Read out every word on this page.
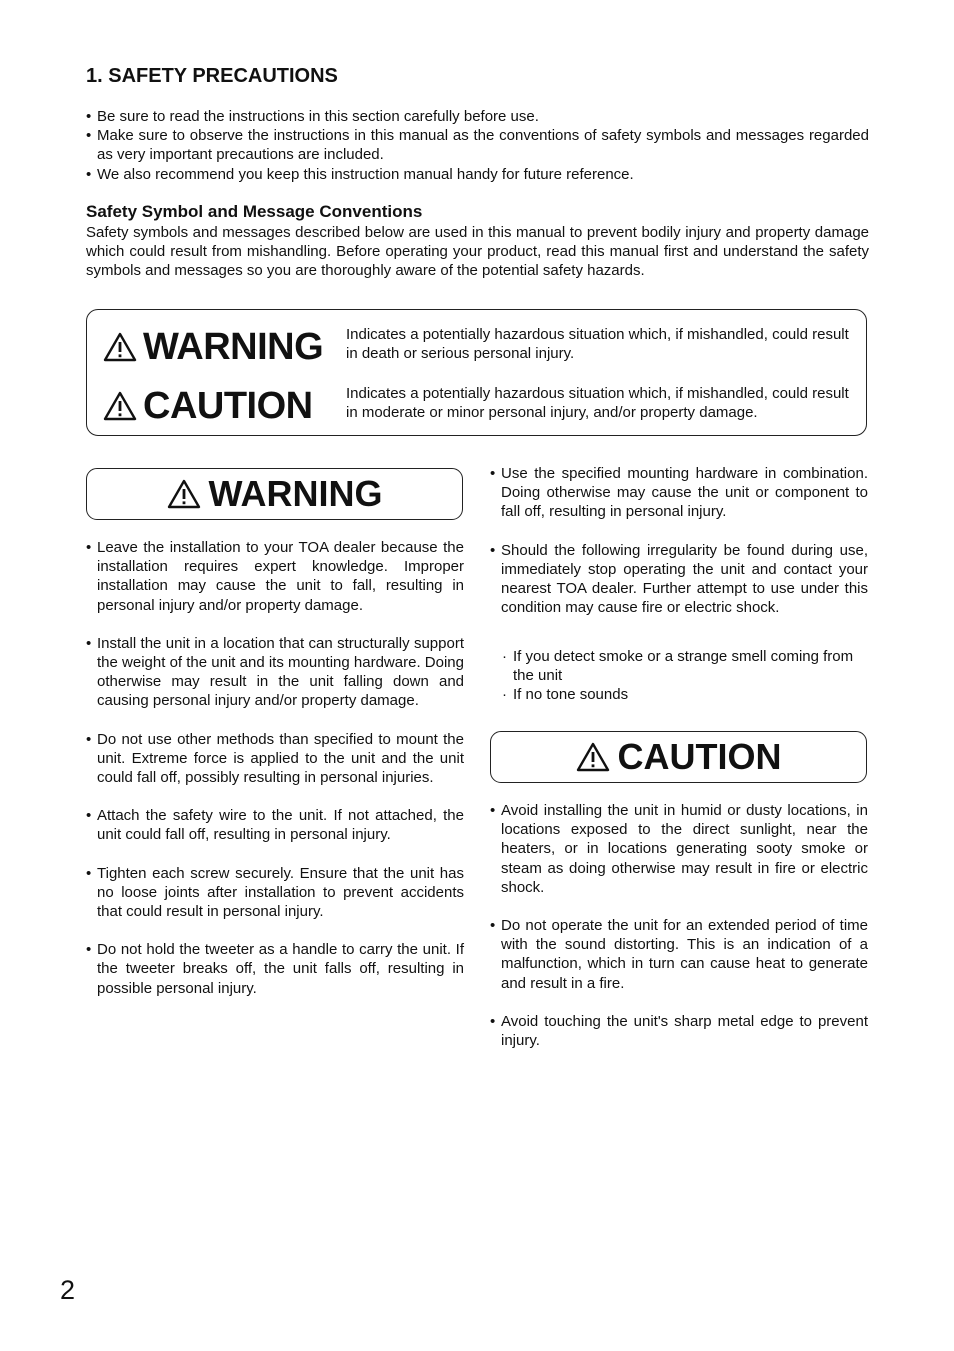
1. SAFETY PRECAUTIONS
• Be sure to read the instructions in this section carefully before use.
• Make sure to observe the instructions in this manual as the conventions of safety symbols and messages regarded as very important precautions are included.
• We also recommend you keep this instruction manual handy for future reference.
Safety Symbol and Message Conventions

Safety symbols and messages described below are used in this manual to prevent bodily injury and property damage which could result from mishandling. Before operating your product, read this manual first and understand the safety symbols and messages so you are thoroughly aware of the potential safety hazards.

WARNING Indicates a potentially hazardous situation which, if mishandled, could result in death or serious personal injury.
CAUTION Indicates a potentially hazardous situation which, if mishandled, could result in moderate or minor personal injury, and/or property damage.
WARNING
• Leave the installation to your TOA dealer because the installation requires expert knowledge. Improper installation may cause the unit to fall, resulting in personal injury and/or property damage.
• Install the unit in a location that can structurally support the weight of the unit and its mounting hardware. Doing otherwise may result in the unit falling down and causing personal injury and/or property damage.
• Do not use other methods than specified to mount the unit. Extreme force is applied to the unit and the unit could fall off, possibly resulting in personal injuries.
• Attach the safety wire to the unit. If not attached, the unit could fall off, resulting in personal injury.
• Tighten each screw securely. Ensure that the unit has no loose joints after installation to prevent accidents that could result in personal injury.
• Do not hold the tweeter as a handle to carry the unit. If the tweeter breaks off, the unit falls off, resulting in possible personal injury.
• Use the specified mounting hardware in combination. Doing otherwise may cause the unit or component to fall off, resulting in personal injury.
• Should the following irregularity be found during use, immediately stop operating the unit and contact your nearest TOA dealer. Further attempt to use under this condition may cause fire or electric shock.
· If you detect smoke or a strange smell coming from the unit
· If no tone sounds
CAUTION
• Avoid installing the unit in humid or dusty locations, in locations exposed to the direct sunlight, near the heaters, or in locations generating sooty smoke or steam as doing otherwise may result in fire or electric shock.
• Do not operate the unit for an extended period of time with the sound distorting. This is an indication of a malfunction, which in turn can cause heat to generate and result in a fire.
• Avoid touching the unit's sharp metal edge to prevent injury.
2
